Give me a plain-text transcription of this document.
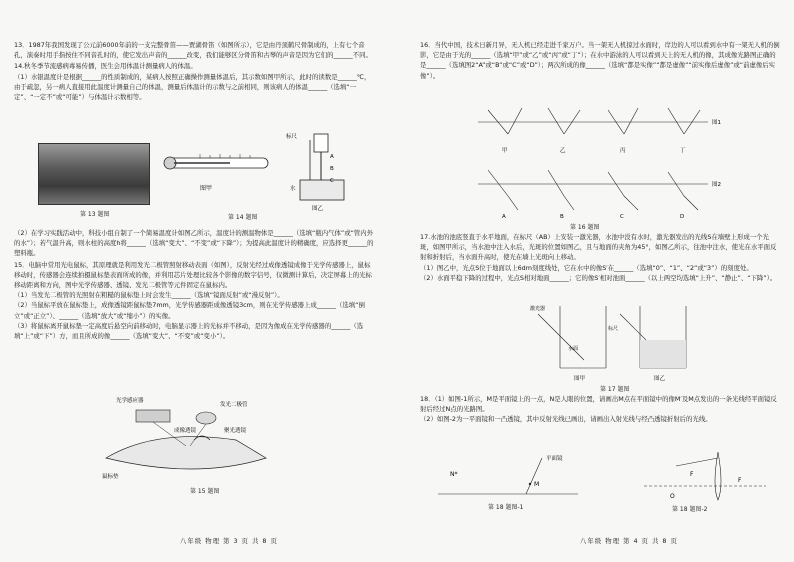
13．1987年我国发现了公元前6000年前的一支完整骨笛——贾湖骨笛（如图所示），它是由丹顶鹤尺骨制成的，上有七个音孔，演奏时用手指按住不同音孔时的，使它发出声音的______改变，我们能够区分骨笛和古琴的声音是因为它们的______不同。

14.秋冬季节流感病毒易传播，医生会用体温计测量病人的体温。

（1）水银温度计是根据______的性质制成的，某病人按照正确操作测量体温后，其示数如图甲所示，此时的读数是______℃，由于疏忽，另一病人直接用此温度计测量自己的体温，测量后体温计的示数与之前相同，则该病人的体温______（选填“一定”、“一定不”或“可能”）与体温计示数相等。

第 13 题图
图甲
A
B
C
标尺
水
图乙
第 14 题图

（2）在学习实践活动中，科技小组自制了一个简易温度计如图乙所示，温度计的测温物体是______（选填“瓶内气体”或“管内外的水”）；若气温升高，则水柱的高度h将______（选填“变大”、“不变”或“下降”）；为提高此温度计的精确度，应选择更______的塑料瓶。

15．电脑中常用光电鼠标，其原理就是利用发光二极管照射移动表面（如图），反射光经过成像透镜成像于光学传感器上，鼠标移动时，传感器会连续拍摄鼠标垫表面所成的像，并利用芯片处理比较各个影像的数字信号，仅微测计算后，决定屏幕上的光标移动距离和方向，图中光学传感器、透镜、发光二极管等元件固定在鼠标内。

（1）当发光二极管的光照射在粗糙的鼠标垫上时会发生______（选填“镜面反射”或“漫反射”）。

（2）当鼠标平放在鼠标垫上，成像透镜距鼠标垫7mm，光学传感器距成像透镜3cm，则在光学传感器上成______（选填“倒立”或“正立”）、______（选填“放大”或“缩小”）的实像。

（3）将鼠标离开鼠标垫一定高度后悬空向前移动时，电脑显示器上的光标并不移动，是因为像成在光学传感器的______（选填“上”或“下”）方，而且所成的像______（选填“变大”、“不变”或“变小”）。

光学感应器
发光二极管
成像透镜	聚光透镜
鼠标垫
第 15 题图
八年级 物理 第 3 页 共 8 页

16．当代中国，技术日新月异，无人机已经走进千家万户。当一架无人机掠过水面时，岸边的人可以看到水中有一架无人机的倒影，它是由于光的______（选填“甲”或“乙”或“丙”或“丁”）；在水中游泳的人可以看到天上的无人机的像，其成像光路图正确的是______（选填图2“A”或“B”或“C”或“D”）；两次所成的像______（选填“都是实像”“都是虚像”“前实像后虚像”或“前虚像后实像”）。

甲	乙	丙	丁
A	B	C	D
图1
图2
第 16 题图

17.水池的池底竖直于水平地面，在标尺（AB）上安装一激光器，水池中没有水时，激光器发出的光线S在墙壁上形成一个光斑，如图甲所示，当水池中注入水后，光斑的位置如图乙，且与地面的夹角为45°，如图乙所示，往池中注水，使光在水平面反射和折射后，当水面升高时，使光在墙上光斑向上移动。

（1）图乙中，光点S位于地面以上6dm刻度线处，它在水中的像S′在______（选填“0”、“1”、“2”或“3”）的刻度处。

（2）水面平稳下降的过程中，光点S相对地面______；它的像S′相对池面______（以上两空均选填“上升”、“静止”、“下降”）。

激光器
水面
标尺
图甲	图乙
第 17 题图

18．（1）如图-1所示，M是平面镜上的一点，N是人眼的位置，请画出M点在平面镜中的像M′及M点发出的一条光线经平面镜反射后经过N点的光路图。

（2）如图-2为一平面镜和一凸透镜，其中反射光线已画出，请画出入射光线与经凸透镜折射后的光线。

N*
M
平面镜
第 18 题图-1
F
F
O
第 18 题图-2
八年级 物理 第 4 页 共 8 页
